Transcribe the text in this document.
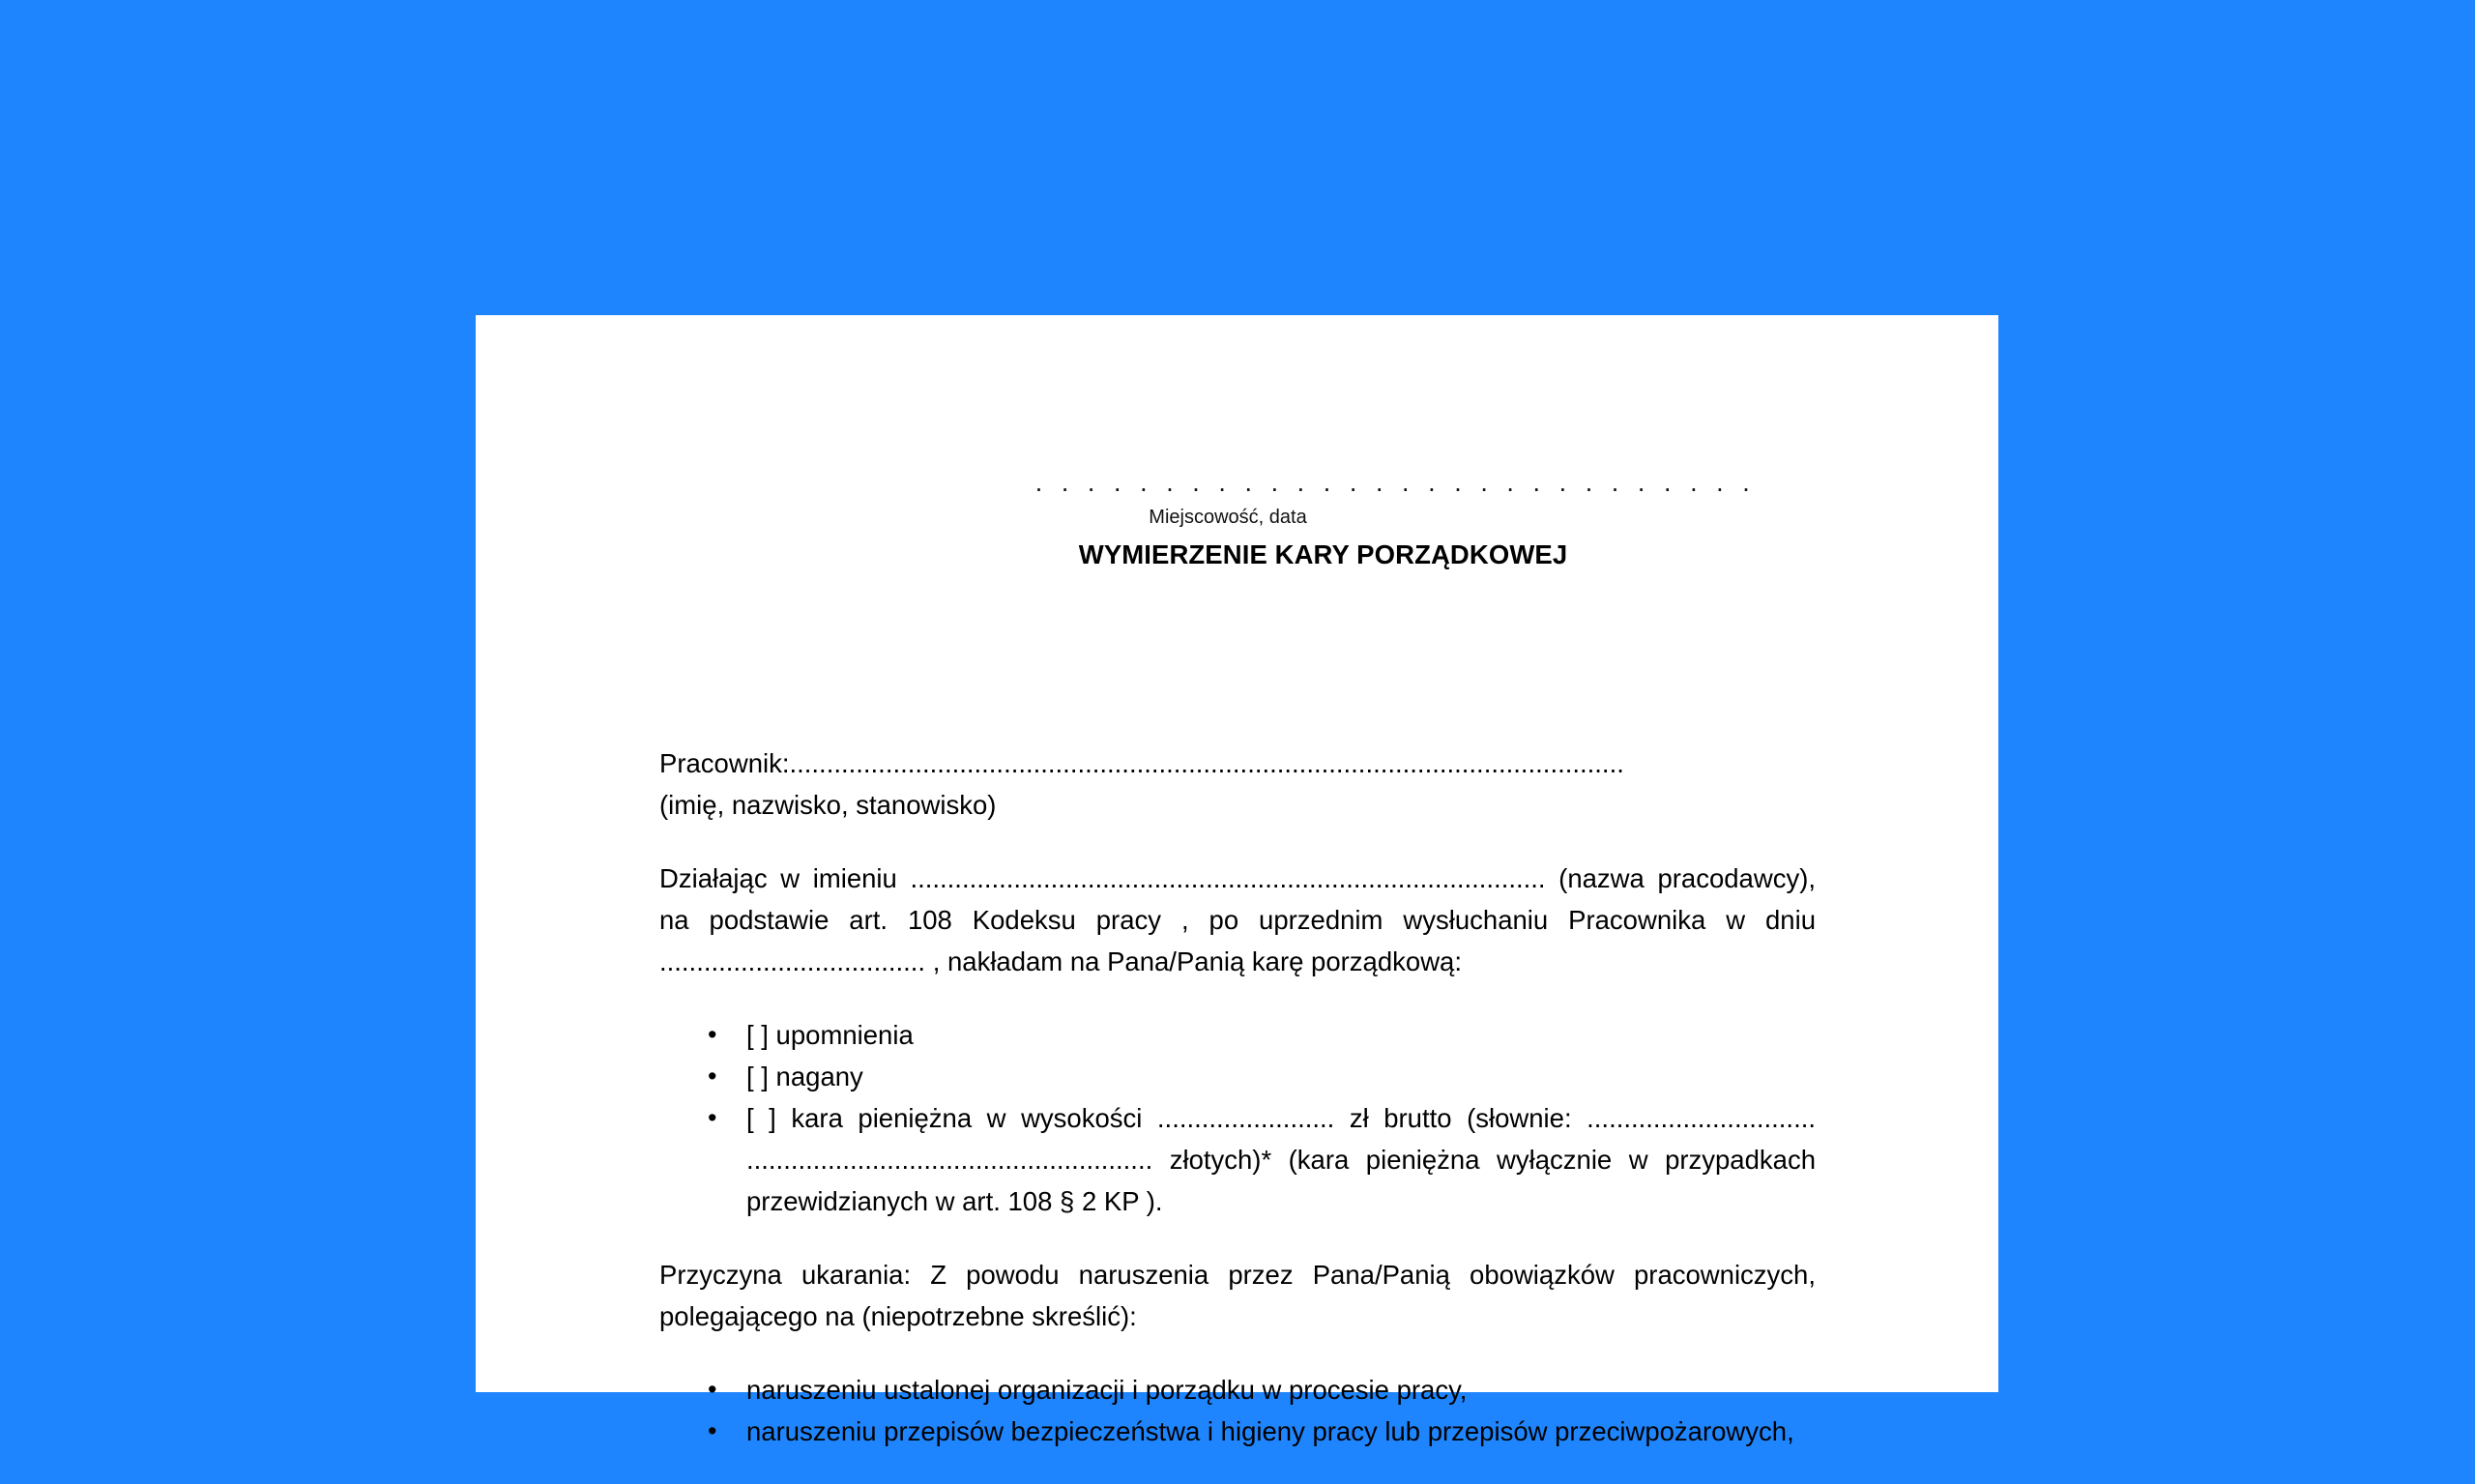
· · · · · · · · · · · · · · · · · · · · · · · · · · · ·
Miejscowość, data
WYMIERZENIE KARY PORZĄDKOWEJ

Pracownik:.................................................................................................................

(imię, nazwisko, stanowisko)

Działając w imieniu ...................................................................................... (nazwa pracodawcy), na podstawie art. 108 Kodeksu pracy , po uprzednim wysłuchaniu Pracownika w dniu .................................... , nakładam na Pana/Panią karę porządkową:

• [ ] upomnienia
• [ ] nagany
• [ ] kara pieniężna w wysokości ........................ zł brutto (słownie: ............................... ....................................................... złotych)* (kara pieniężna wyłącznie w przypadkach przewidzianych w art. 108 § 2 KP ).

Przyczyna ukarania: Z powodu naruszenia przez Pana/Panią obowiązków pracowniczych, polegającego na (niepotrzebne skreślić):

• naruszeniu ustalonej organizacji i porządku w procesie pracy,
• naruszeniu przepisów bezpieczeństwa i higieny pracy lub przepisów przeciwpożarowych,
